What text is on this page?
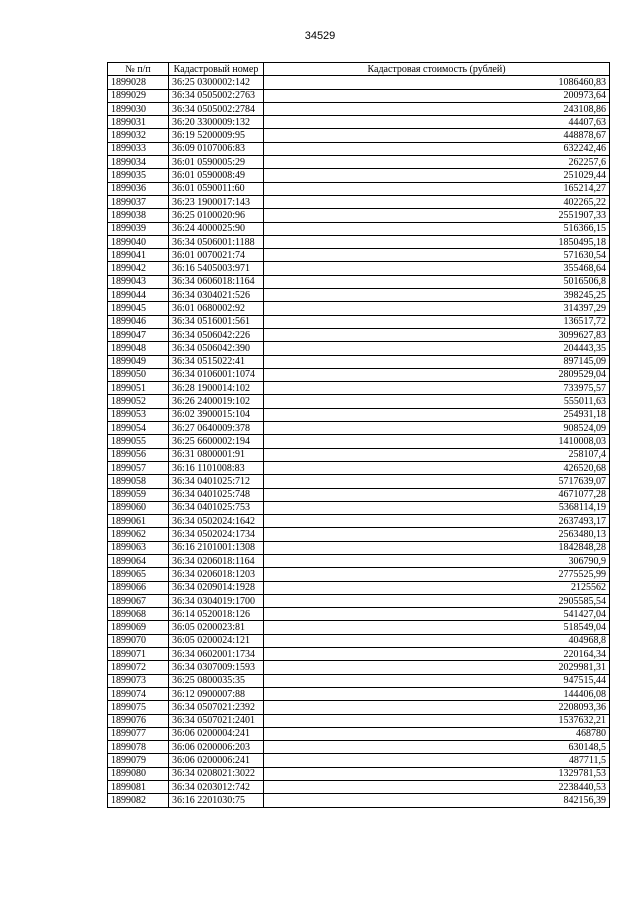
34529
№ п/п	Кадастровый номер	Кадастровая стоимость (рублей)
1899028	36:25 0300002:142	1086460,83
1899029	36:34 0505002:2763	200973,64
1899030	36:34 0505002:2784	243108,86
1899031	36:20 3300009:132	44407,63
1899032	36:19 5200009:95	448878,67
1899033	36:09 0107006:83	632242,46
1899034	36:01 0590005:29	262257,6
1899035	36:01 0590008:49	251029,44
1899036	36:01 0590011:60	165214,27
1899037	36:23 1900017:143	402265,22
1899038	36:25 0100020:96	2551907,33
1899039	36:24 4000025:90	516366,15
1899040	36:34 0506001:1188	1850495,18
1899041	36:01 0070021:74	571630,54
1899042	36:16 5405003:971	355468,64
1899043	36:34 0606018:1164	5016506,8
1899044	36:34 0304021:526	398245,25
1899045	36:01 0680002:92	314397,29
1899046	36:34 0516001:561	136517,72
1899047	36:34 0506042:226	3099627,83
1899048	36:34 0506042:390	204443,35
1899049	36:34 0515022:41	897145,09
1899050	36:34 0106001:1074	2809529,04
1899051	36:28 1900014:102	733975,57
1899052	36:26 2400019:102	555011,63
1899053	36:02 3900015:104	254931,18
1899054	36:27 0640009:378	908524,09
1899055	36:25 6600002:194	1410008,03
1899056	36:31 0800001:91	258107,4
1899057	36:16 1101008:83	426520,68
1899058	36:34 0401025:712	5717639,07
1899059	36:34 0401025:748	4671077,28
1899060	36:34 0401025:753	5368114,19
1899061	36:34 0502024:1642	2637493,17
1899062	36:34 0502024:1734	2563480,13
1899063	36:16 2101001:1308	1842848,28
1899064	36:34 0206018:1164	306790,9
1899065	36:34 0206018:1203	2775525,99
1899066	36:34 0209014:1928	2125562
1899067	36:34 0304019:1700	2905585,54
1899068	36:14 0520018:126	541427,04
1899069	36:05 0200023:81	518549,04
1899070	36:05 0200024:121	404968,8
1899071	36:34 0602001:1734	220164,34
1899072	36:34 0307009:1593	2029981,31
1899073	36:25 0800035:35	947515,44
1899074	36:12 0900007:88	144406,08
1899075	36:34 0507021:2392	2208093,36
1899076	36:34 0507021:2401	1537632,21
1899077	36:06 0200004:241	468780
1899078	36:06 0200006:203	630148,5
1899079	36:06 0200006:241	487711,5
1899080	36:34 0208021:3022	1329781,53
1899081	36:34 0203012:742	2238440,53
1899082	36:16 2201030:75	842156,39
